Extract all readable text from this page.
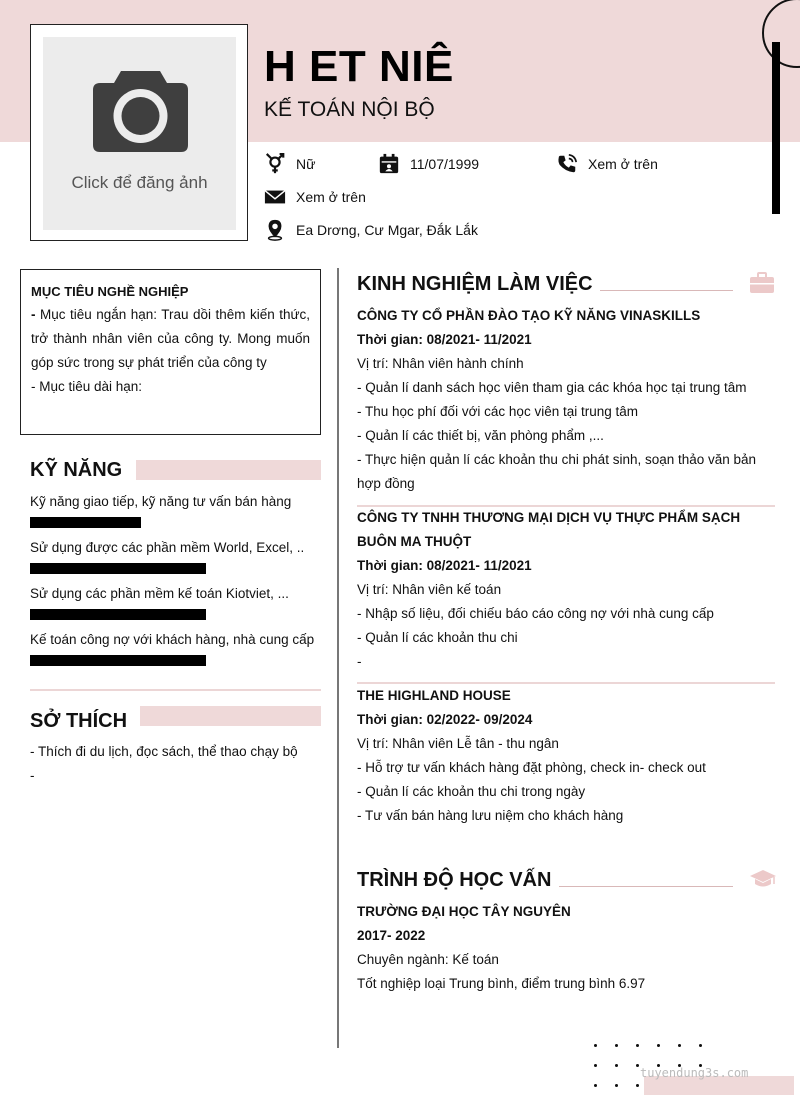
Click để đăng ảnh
H ET NIÊ
KẾ TOÁN NỘI BỘ
Nữ	11/07/1999	Xem ở trên
Xem ở trên
Ea Drơng, Cư Mgar, Đắk Lắk
MỤC TIÊU NGHỀ NGHIỆP
- Mục tiêu ngắn hạn: Trau dồi thêm kiến thức, trở thành nhân viên của công ty. Mong muốn góp sức trong sự phát triển của công ty
- Mục tiêu dài hạn:
KỸ NĂNG
Kỹ năng giao tiếp, kỹ năng tư vấn bán hàng
Sử dụng được các phần mềm World, Excel, ..
Sử dụng các phần mềm kế toán Kiotviet, ...
Kế toán công nợ với khách hàng, nhà cung cấp
SỞ THÍCH
- Thích đi du lịch, đọc sách, thể thao chạy bộ
-
KINH NGHIỆM LÀM VIỆC
CÔNG TY CỔ PHẦN ĐÀO TẠO KỸ NĂNG VINASKILLS
Thời gian: 08/2021- 11/2021
Vị trí: Nhân viên hành chính
- Quản lí danh sách học viên tham gia các khóa học tại trung tâm
- Thu học phí đối với các học viên tại trung tâm
- Quản lí các thiết bị, văn phòng phẩm ,...
- Thực hiện quản lí các khoản thu chi phát sinh, soạn thảo văn bản hợp đồng
CÔNG TY TNHH THƯƠNG MẠI DỊCH VỤ THỰC PHẨM SẠCH BUÔN MA THUỘT
Thời gian: 08/2021- 11/2021
Vị trí: Nhân viên kế toán
- Nhập số liệu, đối chiếu báo cáo công nợ với nhà cung cấp
- Quản lí các khoản thu chi
-
THE HIGHLAND HOUSE
Thời gian: 02/2022- 09/2024
Vị trí: Nhân viên Lễ tân - thu ngân
- Hỗ trợ tư vấn khách hàng đặt phòng, check in- check out
- Quản lí các khoản thu chi trong ngày
- Tư vấn bán hàng lưu niệm cho khách hàng
TRÌNH ĐỘ HỌC VẤN
TRƯỜNG ĐẠI HỌC TÂY NGUYÊN
2017- 2022
Chuyên ngành: Kế toán
Tốt nghiệp loại Trung bình, điểm trung bình 6.97
tuyendung3s.com
